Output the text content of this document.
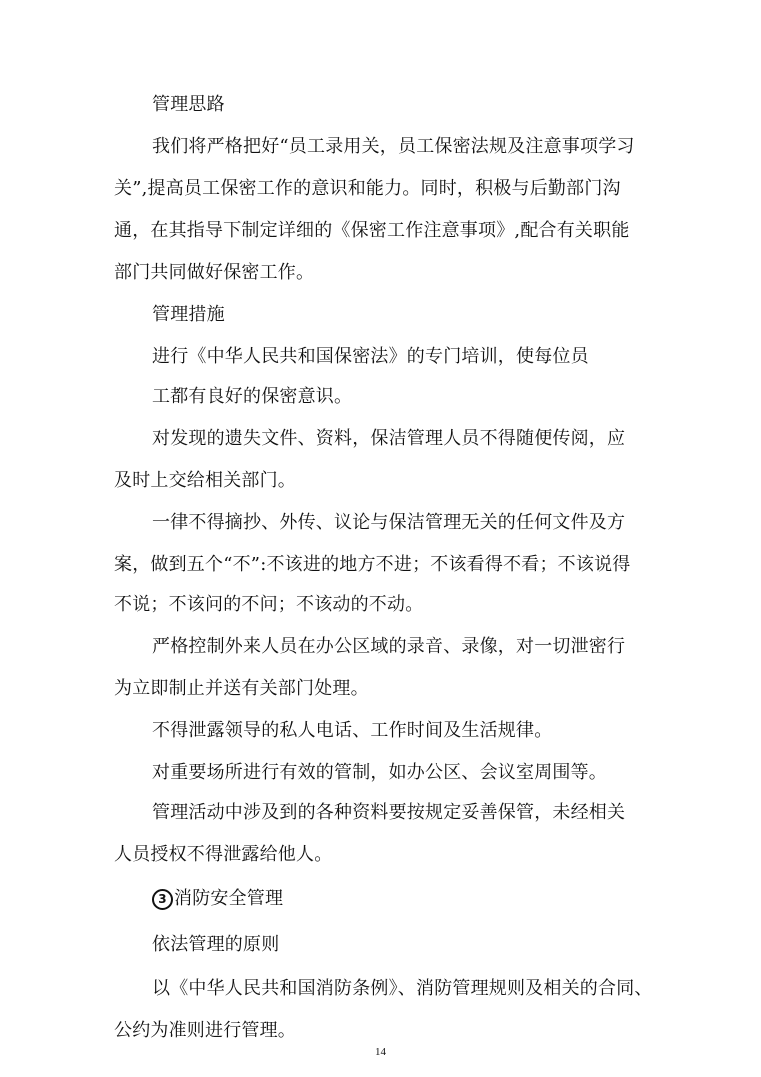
管理思路
我们将严格把好“员工录用关，员工保密法规及注意事项学习
关”,提高员工保密工作的意识和能力。同时，积极与后勤部门沟
通，在其指导下制定详细的《保密工作注意事项》,配合有关职能
部门共同做好保密工作。
管理措施
进行《中华人民共和国保密法》的专门培训，使每位员
工都有良好的保密意识。
对发现的遗失文件、资料，保洁管理人员不得随便传阅，应
及时上交给相关部门。
一律不得摘抄、外传、议论与保洁管理无关的任何文件及方
案，做到五个“不”:不该进的地方不进；不该看得不看；不该说得
不说；不该问的不问；不该动的不动。
严格控制外来人员在办公区域的录音、录像，对一切泄密行
为立即制止并送有关部门处理。
不得泄露领导的私人电话、工作时间及生活规律。
对重要场所进行有效的管制，如办公区、会议室周围等。
管理活动中涉及到的各种资料要按规定妥善保管，未经相关
人员授权不得泄露给他人。
3 消防安全管理
依法管理的原则
以《中华人民共和国消防条例》、消防管理规则及相关的合同、
公约为准则进行管理。
14
